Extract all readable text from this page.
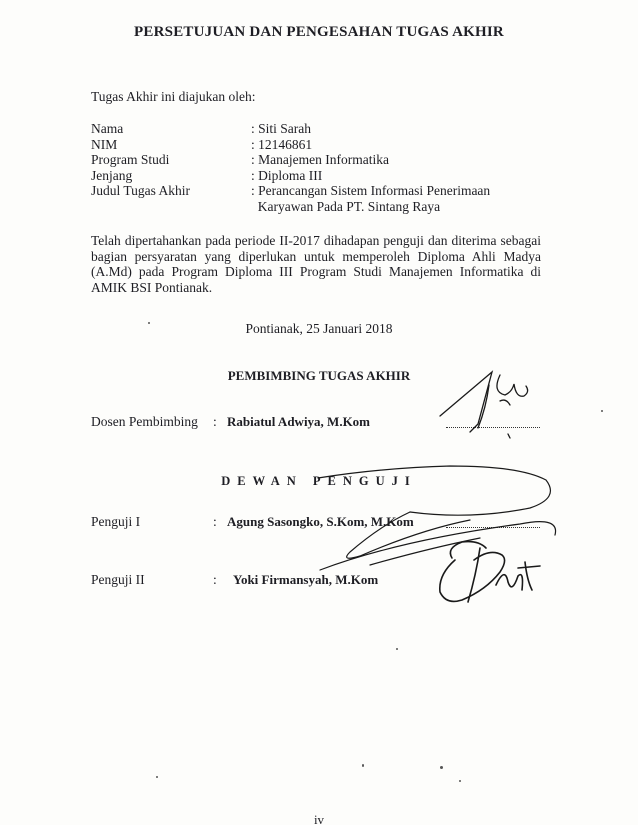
PERSETUJUAN DAN PENGESAHAN TUGAS AKHIR
Tugas Akhir ini diajukan oleh:
Nama	: Siti Sarah
NIM	: 12146861
Program Studi	: Manajemen Informatika
Jenjang	: Diploma III
Judul Tugas Akhir	: Perancangan Sistem Informasi Penerimaan
Karyawan Pada PT. Sintang Raya
Telah dipertahankan pada periode II-2017 dihadapan penguji dan diterima sebagai bagian persyaratan yang diperlukan untuk memperoleh Diploma Ahli Madya (A.Md) pada Program Diploma III Program Studi Manajemen Informatika di AMIK BSI Pontianak.
Pontianak, 25 Januari 2018
PEMBIMBING TUGAS AKHIR
Dosen Pembimbing	: Rabiatul Adwiya, M.Kom
DEWAN PENGUJI
Penguji I	: Agung Sasongko, S.Kom, M.Kom
Penguji II	:	Yoki Firmansyah, M.Kom
iv
